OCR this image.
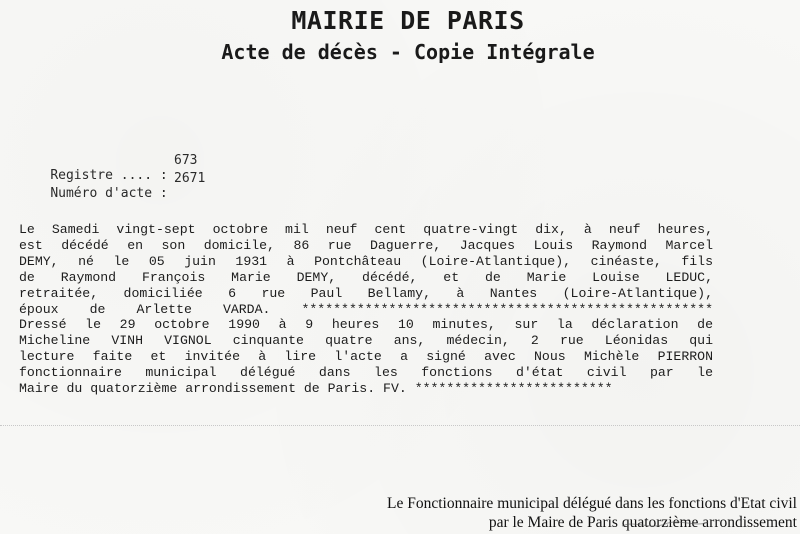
MAIRIE DE PARIS
Acte de décès - Copie Intégrale

Registre .... :

673

Numéro d'acte :

2671

Le Samedi vingt-sept octobre mil neuf cent quatre-vingt dix, à neuf heures,
est décédé en son domicile, 86 rue Daguerre, Jacques Louis Raymond Marcel
DEMY, né le 05 juin 1931 à Pontchâteau (Loire-Atlantique), cinéaste, fils
de Raymond François Marie DEMY, décédé, et de Marie Louise LEDUC,
retraitée, domiciliée 6 rue Paul Bellamy, à Nantes (Loire-Atlantique),
époux de Arlette VARDA. ****************************************************
Dressé le 29 octobre 1990 à 9 heures 10 minutes, sur la déclaration de
Micheline VINH VIGNOL cinquante quatre ans, médecin, 2 rue Léonidas qui
lecture faite et invitée à lire l'acte a signé avec Nous Michèle PIERRON
fonctionnaire municipal délégué dans les fonctions d'état civil par le
Maire du quatorzième arrondissement de Paris. FV. *************************
Le Fonctionnaire municipal délégué dans les fonctions d'Etat civil
par le Maire de Paris quatorzième arrondissement
